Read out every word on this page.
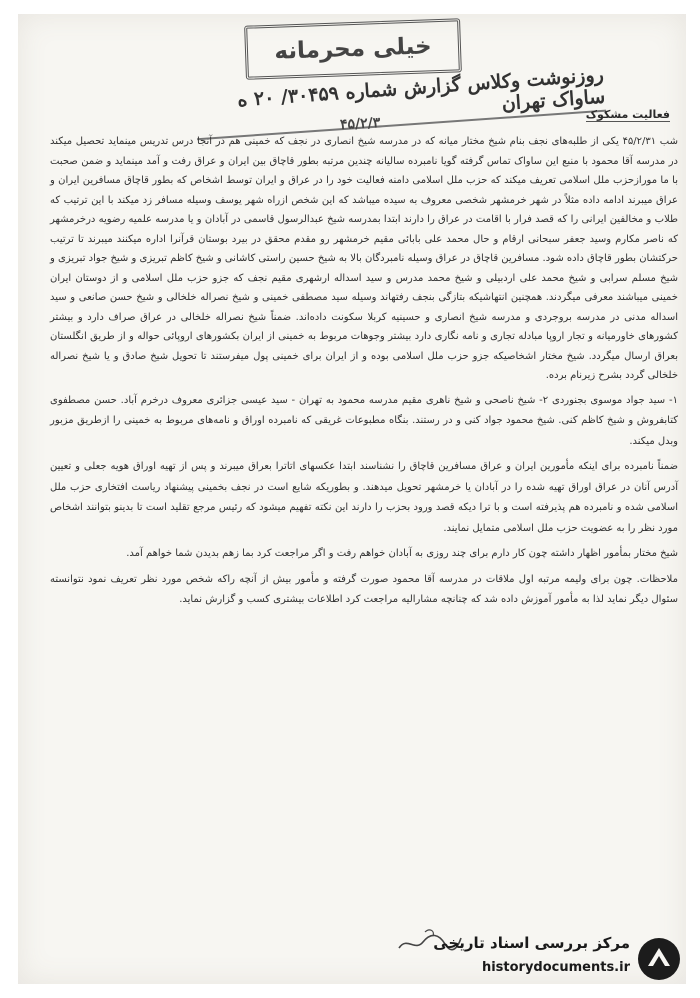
خیلی محرمانه
روزنوشت وکلاس گزارش شماره ۳۰۴۵۹/ ۲۰ ه ساواک تهران
۴۵/۲/۳
فعالیت مشکوک

شب ۴۵/۲/۳۱ یکی از طلبه‌های نجف بنام شیخ مختار میانه که در مدرسه شیخ انصاری در نجف که خمینی هم در آنجا درس تدریس مینماید تحصیل میکند در مدرسه آقا محمود با منبع این ساواک تماس گرفته گویا نامبرده سالیانه چندین مرتبه بطور قاچاق بین ایران و عراق رفت و آمد مینماید و ضمن صحبت با ما مورازحزب ملل اسلامی تعریف میکند که حزب ملل اسلامی دامنه فعالیت خود را در عراق و ایران توسط اشخاص که بطور قاچاق مسافرین ایران و عراق میبرند ادامه داده مثلاً در شهر خرمشهر شخصی معروف به سیده میباشد که این شخص ازراه شهر یوسف وسیله مسافر زد میکند با این ترتیب که طلاب و مخالفین ایرانی را که قصد فرار با اقامت در عراق را دارند ابتدا بمدرسه شیخ عبدالرسول قاسمی در آبادان و یا مدرسه علمیه رضویه درخرمشهر که ناصر مکارم وسید جعفر سبحانی ارقام و حال محمد علی بابائی مقیم خرمشهر رو مقدم محقق در بیرد بوستان قرآنرا اداره میکنند میبرند تا ترتیب حرکتشان بطور قاچاق داده شود. مسافرین قاچاق در عراق وسیله نامبردگان بالا به شیخ حسین راستی کاشانی و شیخ کاظم تبریزی و شیخ جواد تبریزی و شیخ مسلم سرابی و شیخ محمد علی اردبیلی و شیخ محمد مدرس و سید اسداله ارشهری مقیم نجف که جزو حزب ملل اسلامی و از دوستان ایران خمینی میباشند معرفی میگردند. همچنین انتهاشیکه بتازگی بنجف رفتهاند وسیله سید مصطفی خمینی و شیخ نصراله خلخالی و شیخ حسن صانعی و سید اسداله مدنی در مدرسه بروجردی و مدرسه شیخ انصاری و حسینیه کربلا سکونت داده‌اند. ضمناً شیخ نصراله خلخالی در عراق صراف دارد و بیشتر کشورهای خاورمیانه و تجار اروپا مبادله تجاری و نامه نگاری دارد بیشتر وجوهات مربوط به خمینی از ایران بکشورهای اروپائی حواله و از طریق انگلستان بعراق ارسال میگردد. شیخ مختار اشخاصیکه جزو حزب ملل اسلامی بوده و از ایران برای خمینی پول میفرستند تا تحویل شیخ صادق و یا شیخ نصراله خلخالی گردد بشرح زیرنام برده.

۱- سید جواد موسوی بجنوردی ۲- شیخ ناصحی و شیخ ناهری مقیم مدرسه محمود به تهران - سید عیسی جزائری معروف درخرم آباد. حسن مصطفوی کتابفروش و شیخ کاظم کنی. شیخ محمود جواد کنی و در رستند. بنگاه مطبوعات غریقی که نامبرده اوراق و نامه‌های مربوط به خمینی را ازطریق مزبور وبدل میکند.

ضمناً نامبرده برای اینکه مأمورین ایران و عراق مسافرین قاچاق را نشناسند ابتدا عکسهای اتاترا بعراق میبرند و پس از تهیه اوراق هویه جعلی و تعیین آدرس آنان در عراق اوراق تهیه شده را در آبادان یا خرمشهر تحویل میدهند. و بطوریکه شایع است در نجف بخمینی پیشنهاد ریاست افتخاری حزب ملل اسلامی شده و نامبرده هم پذیرفته است و با ترا دیکه قصد ورود بحزب را دارند این نکته تفهیم میشود که رئیس مرجع تقلید است تا بدینو بتوانند اشخاص مورد نظر را به عضویت حزب ملل اسلامی متمایل نمایند.

شیخ مختار بمأمور اظهار داشته چون کار دارم برای چند روزی به آبادان خواهم رفت و اگر مراجعت کرد بما زهم بدیدن شما خواهم آمد.

ملاحظات. چون برای ولیمه مرتبه اول ملاقات در مدرسه آقا محمود صورت گرفته و مأمور بیش از آنچه راکه شخص مورد نظر تعریف نمود نتوانسته سئوال دیگر نماید لذا به مأمور آموزش داده شد که چنانچه مشارالیه مراجعت کرد اطلاعات بیشتری کسب و گزارش نماید.

مرکز بررسی اسناد تاریخی
historydocuments.ir
